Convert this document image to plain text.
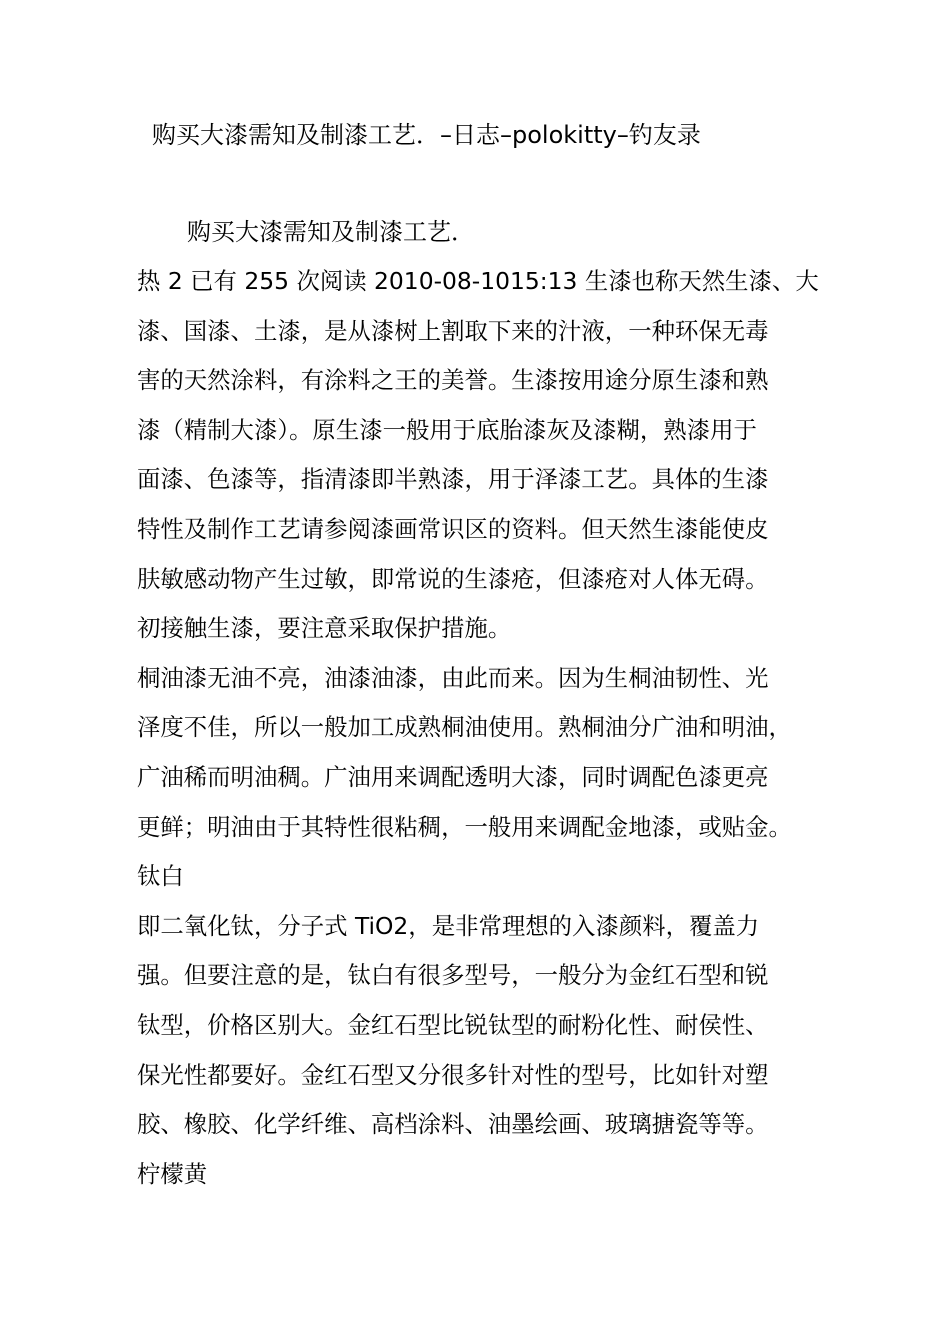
购买大漆需知及制漆工艺．–日志–polokitty–钓友录
购买大漆需知及制漆工艺．
热 2 已有 255 次阅读 2010-08-1015:13 生漆也称天然生漆、大
漆、国漆、土漆，是从漆树上割取下来的汁液，一种环保无毒
害的天然涂料，有涂料之王的美誉。生漆按用途分原生漆和熟
漆（精制大漆）。原生漆一般用于底胎漆灰及漆糊，熟漆用于
面漆、色漆等，指清漆即半熟漆，用于泽漆工艺。具体的生漆
特性及制作工艺请参阅漆画常识区的资料。但天然生漆能使皮
肤敏感动物产生过敏，即常说的生漆疮，但漆疮对人体无碍。
初接触生漆，要注意采取保护措施。
桐油漆无油不亮，油漆油漆，由此而来。因为生桐油韧性、光
泽度不佳，所以一般加工成熟桐油使用。熟桐油分广油和明油，
广油稀而明油稠。广油用来调配透明大漆，同时调配色漆更亮
更鲜；明油由于其特性很粘稠，一般用来调配金地漆，或贴金。
钛白
即二氧化钛，分子式 TiO2，是非常理想的入漆颜料，覆盖力
强。但要注意的是，钛白有很多型号，一般分为金红石型和锐
钛型，价格区别大。金红石型比锐钛型的耐粉化性、耐侯性、
保光性都要好。金红石型又分很多针对性的型号，比如针对塑
胶、橡胶、化学纤维、高档涂料、油墨绘画、玻璃搪瓷等等。
柠檬黄
